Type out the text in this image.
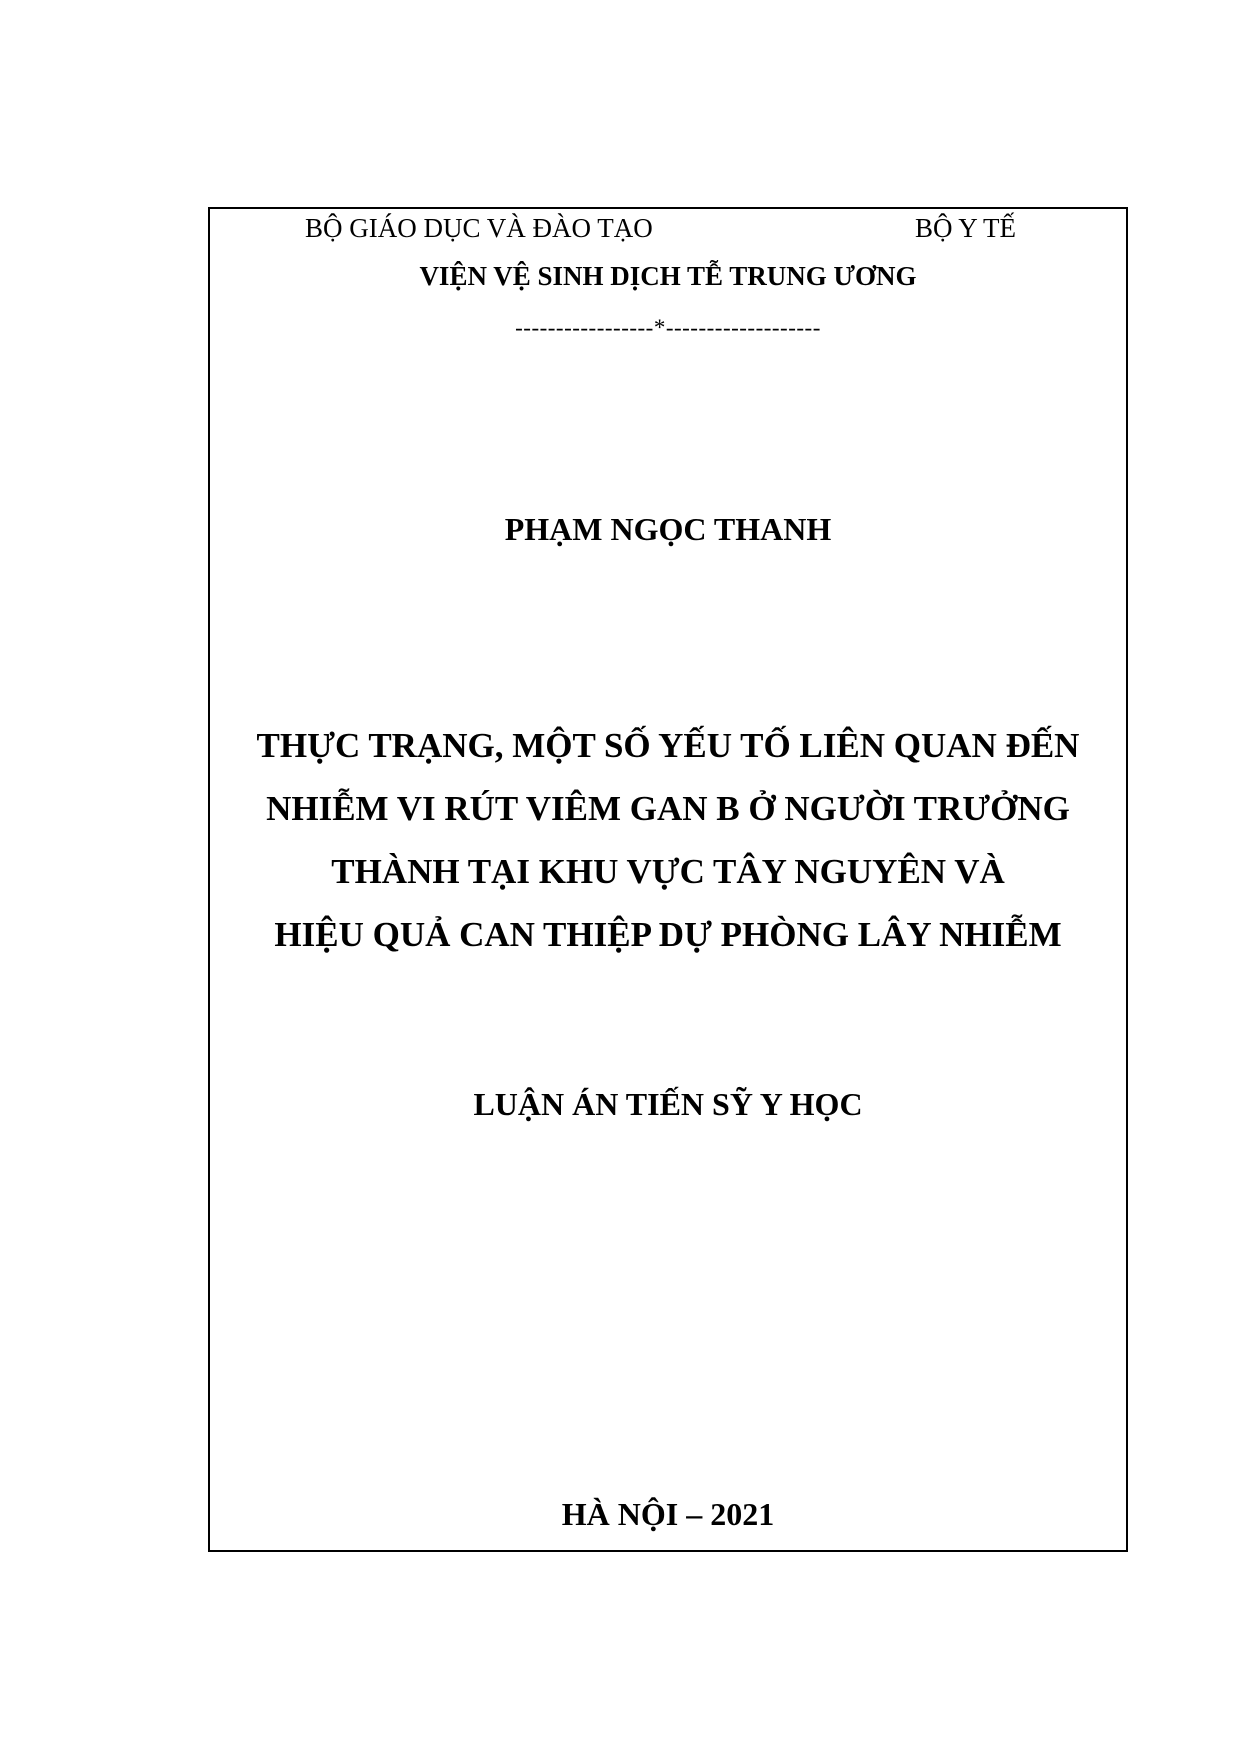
BỘ GIÁO DỤC VÀ ĐÀO TẠO	BỘ Y TẾ
VIỆN VỆ SINH DỊCH TỄ TRUNG ƯƠNG
-----------------*-------------------
PHẠM NGỌC THANH
THỰC TRẠNG, MỘT SỐ YẾU TỐ LIÊN QUAN ĐẾN
NHIỄM VI RÚT VIÊM GAN B Ở NGƯỜI TRƯỞNG
THÀNH TẠI KHU VỰC TÂY NGUYÊN VÀ
HIỆU QUẢ CAN THIỆP DỰ PHÒNG LÂY NHIỄM
LUẬN ÁN TIẾN SỸ Y HỌC
HÀ NỘI – 2021
